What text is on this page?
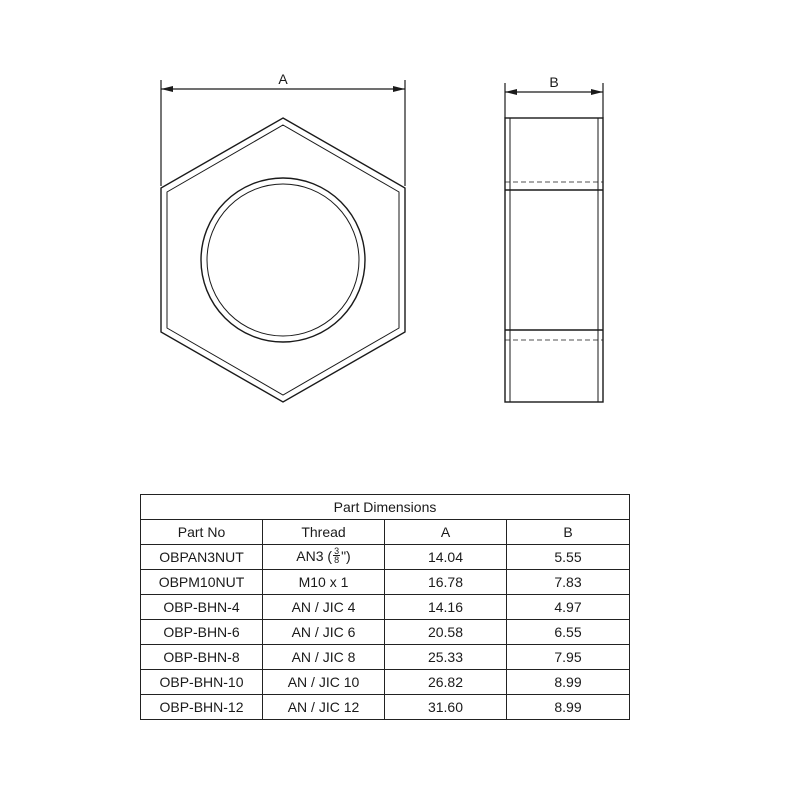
A	B
Part Dimensions			
Part No	Thread	A	B
OBPAN3NUT	AN3 ( $\frac{3}{8}$ ")	14.04	5.55
OBPM10NUT	M10 x 1	16.78	7.83
OBP-BHN-4	AN / JIC 4	14.16	4.97
OBP-BHN-6	AN / JIC 6	20.58	6.55
OBP-BHN-8	AN / JIC 8	25.33	7.95
OBP-BHN-10	AN / JIC 10	26.82	8.99
OBP-BHN-12	AN / JIC 12	31.60	8.99
